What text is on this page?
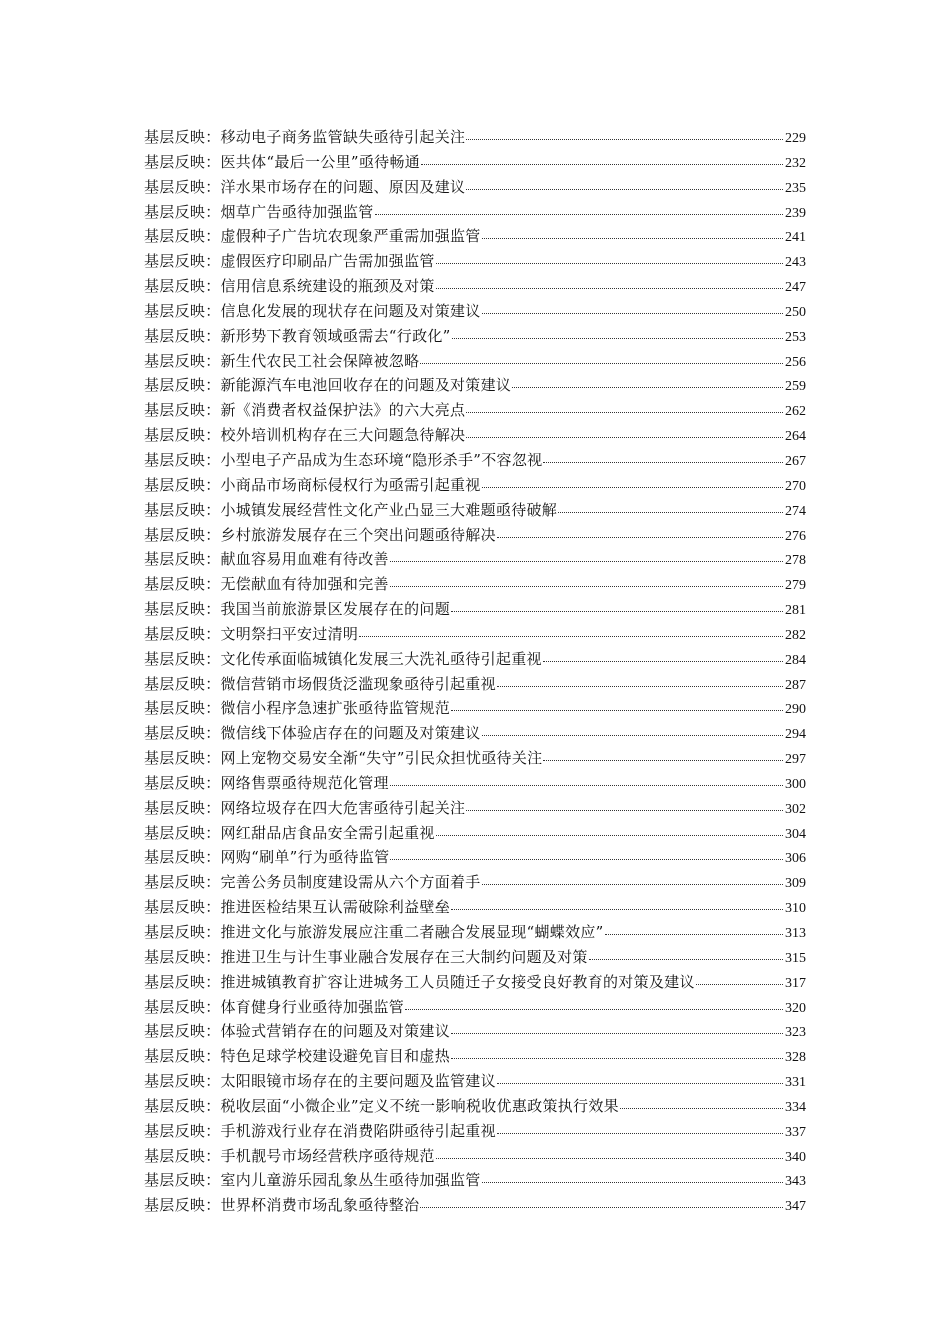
基层反映：移动电子商务监管缺失亟待引起关注	229
基层反映：医共体“最后一公里”亟待畅通	232
基层反映：洋水果市场存在的问题、原因及建议	235
基层反映：烟草广告亟待加强监管	239
基层反映：虚假种子广告坑农现象严重需加强监管	241
基层反映：虚假医疗印刷品广告需加强监管	243
基层反映：信用信息系统建设的瓶颈及对策	247
基层反映：信息化发展的现状存在问题及对策建议	250
基层反映：新形势下教育领域亟需去“行政化”	253
基层反映：新生代农民工社会保障被忽略	256
基层反映：新能源汽车电池回收存在的问题及对策建议	259
基层反映：新《消费者权益保护法》的六大亮点	262
基层反映：校外培训机构存在三大问题急待解决	264
基层反映：小型电子产品成为生态环境“隐形杀手”不容忽视	267
基层反映：小商品市场商标侵权行为亟需引起重视	270
基层反映：小城镇发展经营性文化产业凸显三大难题亟待破解	274
基层反映：乡村旅游发展存在三个突出问题亟待解决	276
基层反映：献血容易用血难有待改善	278
基层反映：无偿献血有待加强和完善	279
基层反映：我国当前旅游景区发展存在的问题	281
基层反映：文明祭扫平安过清明	282
基层反映：文化传承面临城镇化发展三大洗礼亟待引起重视	284
基层反映：微信营销市场假货泛滥现象亟待引起重视	287
基层反映：微信小程序急速扩张亟待监管规范	290
基层反映：微信线下体验店存在的问题及对策建议	294
基层反映：网上宠物交易安全渐“失守”引民众担忧亟待关注	297
基层反映：网络售票亟待规范化管理	300
基层反映：网络垃圾存在四大危害亟待引起关注	302
基层反映：网红甜品店食品安全需引起重视	304
基层反映：网购“刷单”行为亟待监管	306
基层反映：完善公务员制度建设需从六个方面着手	309
基层反映：推进医检结果互认需破除利益壁垒	310
基层反映：推进文化与旅游发展应注重二者融合发展显现“蝴蝶效应”	313
基层反映：推进卫生与计生事业融合发展存在三大制约问题及对策	315
基层反映：推进城镇教育扩容让进城务工人员随迁子女接受良好教育的对策及建议	317
基层反映：体育健身行业亟待加强监管	320
基层反映：体验式营销存在的问题及对策建议	323
基层反映：特色足球学校建设避免盲目和虚热	328
基层反映：太阳眼镜市场存在的主要问题及监管建议	331
基层反映：税收层面“小微企业”定义不统一影响税收优惠政策执行效果	334
基层反映：手机游戏行业存在消费陷阱亟待引起重视	337
基层反映：手机靓号市场经营秩序亟待规范	340
基层反映：室内儿童游乐园乱象丛生亟待加强监管	343
基层反映：世界杯消费市场乱象亟待整治	347
